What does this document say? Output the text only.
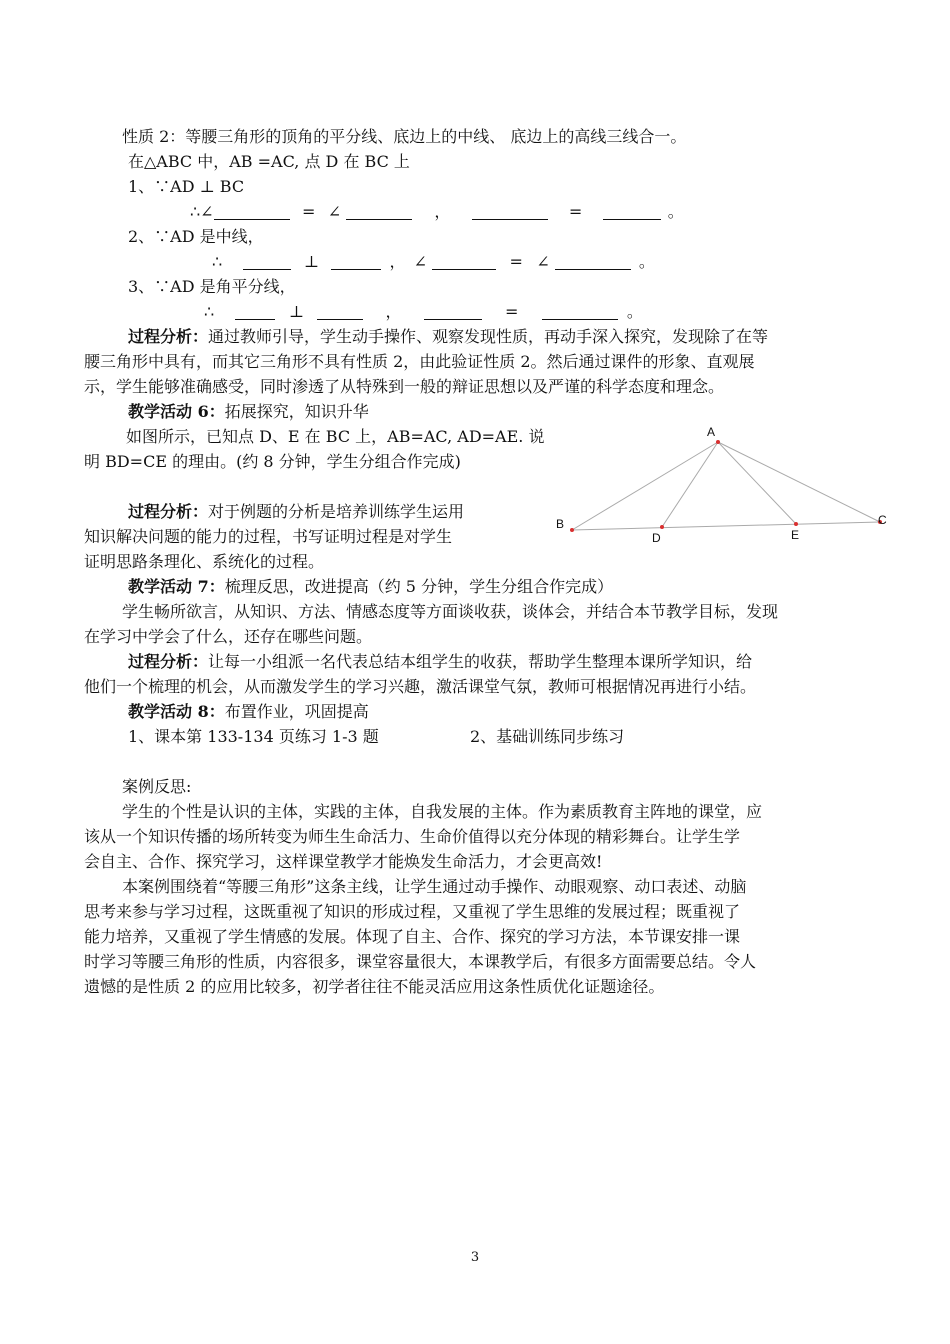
性质 2：等腰三角形的顶角的平分线、底边上的中线、 底边上的高线三线合一。
在△ABC 中，AB =AC, 点 D 在 BC 上
1、∵AD ⊥ BC
∴∠	= ∠	，	=	。
2、∵AD 是中线，
∴	⊥	， ∠	= ∠	。
3、∵AD 是角平分线，
∴	⊥	，	=	。
过程分析：通过教师引导，学生动手操作、观察发现性质，再动手深入探究，发现除了在等
腰三角形中具有，而其它三角形不具有性质 2，由此验证性质 2。然后通过课件的形象、直观展
示，学生能够准确感受，同时渗透了从特殊到一般的辩证思想以及严谨的科学态度和理念。
教学活动 6：拓展探究，知识升华
如图所示，已知点 D、E 在 BC 上，AB=AC, AD=AE. 说
明 BD=CE 的理由。(约 8 分钟，学生分组合作完成)
过程分析：对于例题的分析是培养训练学生运用
知识解决问题的能力的过程，书写证明过程是对学生
证明思路条理化、系统化的过程。
A
B	C
D	E
教学活动 7：梳理反思，改进提高（约 5 分钟，学生分组合作完成）
学生畅所欲言，从知识、方法、情感态度等方面谈收获，谈体会，并结合本节教学目标，发现
在学习中学会了什么，还存在哪些问题。
过程分析：让每一小组派一名代表总结本组学生的收获，帮助学生整理本课所学知识，给
他们一个梳理的机会，从而激发学生的学习兴趣，激活课堂气氛，教师可根据情况再进行小结。
教学活动 8：布置作业，巩固提高
1、课本第 133-134 页练习 1-3 题	2、基础训练同步练习
案例反思:
学生的个性是认识的主体，实践的主体，自我发展的主体。作为素质教育主阵地的课堂，应
该从一个知识传播的场所转变为师生生命活力、生命价值得以充分体现的精彩舞台。让学生学
会自主、合作、探究学习，这样课堂教学才能焕发生命活力，才会更高效!
本案例围绕着“等腰三角形”这条主线，让学生通过动手操作、动眼观察、动口表述、动脑
思考来参与学习过程，这既重视了知识的形成过程，又重视了学生思维的发展过程；既重视了
能力培养，又重视了学生情感的发展。体现了自主、合作、探究的学习方法，本节课安排一课
时学习等腰三角形的性质，内容很多，课堂容量很大，本课教学后，有很多方面需要总结。令人
遗憾的是性质 2 的应用比较多，初学者往往不能灵活应用这条性质优化证题途径。
3
